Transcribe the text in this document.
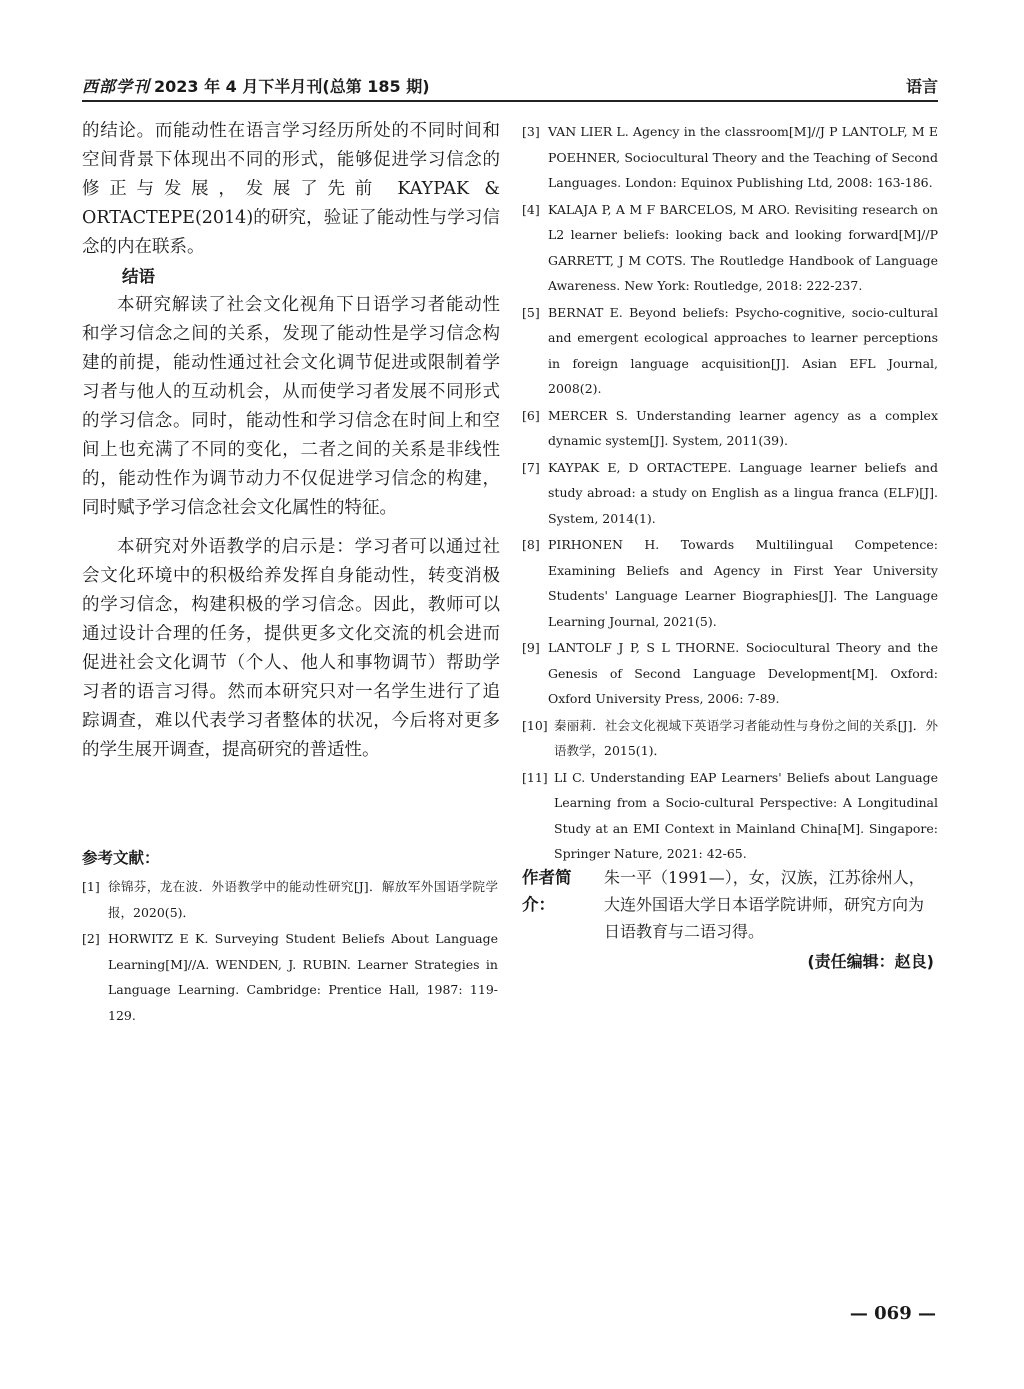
西部学刊 2023 年 4 月下半月刊(总第 185 期)	语言

的结论。而能动性在语言学习经历所处的不同时间和空间背景下体现出不同的形式，能够促进学习信念的修正与发展，发展了先前 KAYPAK & ORTACTEPE(2014)的研究，验证了能动性与学习信念的内在联系。

结语

本研究解读了社会文化视角下日语学习者能动性和学习信念之间的关系，发现了能动性是学习信念构建的前提，能动性通过社会文化调节促进或限制着学习者与他人的互动机会，从而使学习者发展不同形式的学习信念。同时，能动性和学习信念在时间上和空间上也充满了不同的变化，二者之间的关系是非线性的，能动性作为调节动力不仅促进学习信念的构建，同时赋予学习信念社会文化属性的特征。

本研究对外语教学的启示是：学习者可以通过社会文化环境中的积极给养发挥自身能动性，转变消极的学习信念，构建积极的学习信念。因此，教师可以通过设计合理的任务，提供更多文化交流的机会进而促进社会文化调节（个人、他人和事物调节）帮助学习者的语言习得。然而本研究只对一名学生进行了追踪调查，难以代表学习者整体的状况，今后将对更多的学生展开调查，提高研究的普适性。

参考文献：
[1] 徐锦芬，龙在波．外语教学中的能动性研究[J]．解放军外国语学院学报，2020(5)．
[2] HORWITZ E K. Surveying Student Beliefs About Language Learning[M]//A. WENDEN, J. RUBIN. Learner Strategies in Language Learning. Cambridge: Prentice Hall, 1987: 119-129.
[3] VAN LIER L. Agency in the classroom[M]//J P LANTOLF, M E POEHNER, Sociocultural Theory and the Teaching of Second Languages. London: Equinox Publishing Ltd, 2008: 163-186.
[4] KALAJA P, A M F BARCELOS, M ARO. Revisiting research on L2 learner beliefs: looking back and looking forward[M]//P GARRETT, J M COTS. The Routledge Handbook of Language Awareness. New York: Routledge, 2018: 222-237.
[5] BERNAT E. Beyond beliefs: Psycho-cognitive, socio-cultural and emergent ecological approaches to learner perceptions in foreign language acquisition[J]. Asian EFL Journal, 2008(2).
[6] MERCER S. Understanding learner agency as a complex dynamic system[J]. System, 2011(39).
[7] KAYPAK E, D ORTACTEPE. Language learner beliefs and study abroad: a study on English as a lingua franca (ELF)[J]. System, 2014(1).
[8] PIRHONEN H. Towards Multilingual Competence: Examining Beliefs and Agency in First Year University Students' Language Learner Biographies[J]. The Language Learning Journal, 2021(5).
[9] LANTOLF J P, S L THORNE. Sociocultural Theory and the Genesis of Second Language Development[M]. Oxford: Oxford University Press, 2006: 7-89.
[10] 秦丽莉．社会文化视域下英语学习者能动性与身份之间的关系[J]．外语教学，2015(1)．
[11] LI C. Understanding EAP Learners' Beliefs about Language Learning from a Socio-cultural Perspective: A Longitudinal Study at an EMI Context in Mainland China[M]. Singapore: Springer Nature, 2021: 42-65.
作者简介：
朱一平（1991—），女，汉族，江苏徐州人，大连外国语大学日本语学院讲师，研究方向为日语教育与二语习得。
(责任编辑：赵良)
— 069 —
